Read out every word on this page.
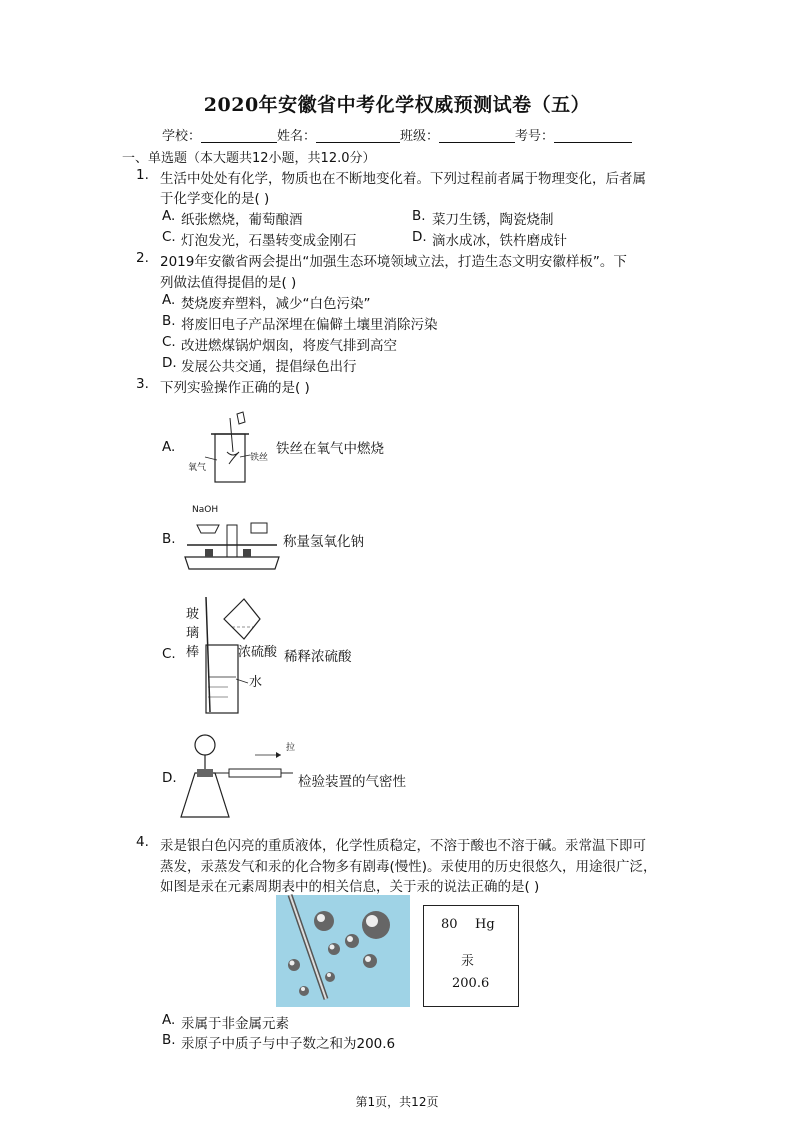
2020年安徽省中考化学权威预测试卷（五）
学校：	姓名：	班级：	考号：
一、单选题（本大题共12小题，共12.0分）
1. 生活中处处有化学，物质也在不断地变化着。下列过程前者属于物理变化，后者属
于化学变化的是( )
A. 纸张燃烧，葡萄酿酒	B. 菜刀生锈，陶瓷烧制
C. 灯泡发光，石墨转变成金刚石	D. 滴水成冰，铁杵磨成针
2. 2019年安徽省两会提出“加强生态环境领域立法，打造生态文明安徽样板”。下
列做法值得提倡的是( )
A. 焚烧废弃塑料，减少“白色污染”
B. 将废旧电子产品深埋在偏僻土壤里消除污染
C. 改进燃煤锅炉烟囱，将废气排到高空
D. 发展公共交通，提倡绿色出行
3. 下列实验操作正确的是( )
A.
氧气
铁丝
铁丝在氧气中燃烧
B.
NaOH
称量氢氧化钠
玻
璃
棒
C.	浓硫酸 稀释浓硫酸
水
D.
拉
检验装置的气密性
4. 汞是银白色闪亮的重质液体，化学性质稳定，不溶于酸也不溶于碱。汞常温下即可
蒸发，汞蒸发气和汞的化合物多有剧毒(慢性)。汞使用的历史很悠久，用途很广泛，
如图是汞在元素周期表中的相关信息，关于汞的说法正确的是( )
80 Hg
汞
200.6
A. 汞属于非金属元素
B. 汞原子中质子与中子数之和为200.6
第1页，共12页
